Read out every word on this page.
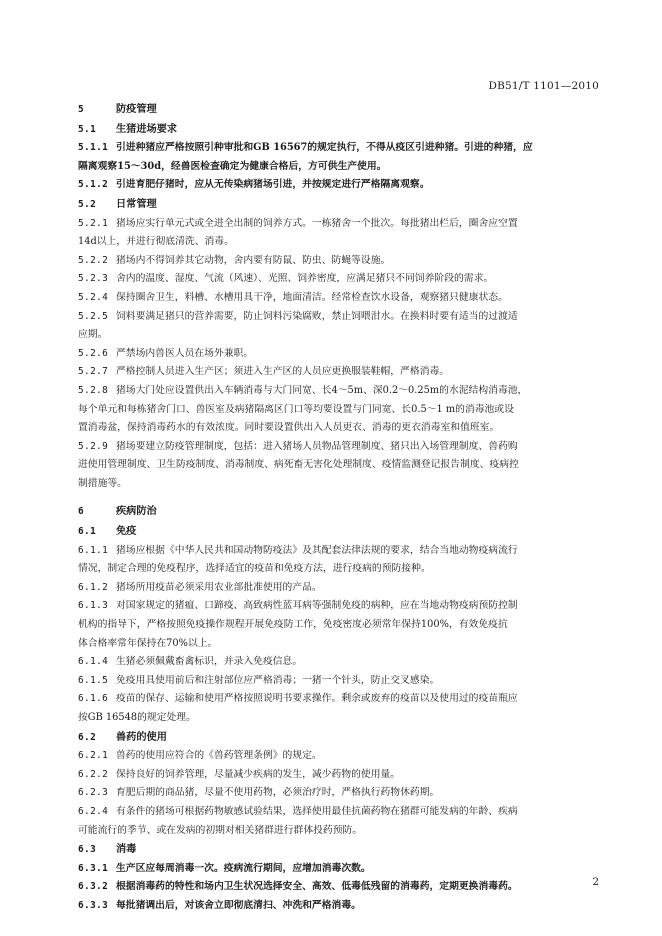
DB51/T 1101—2010
5	防疫管理
5.1 生猪进场要求
5.1.1 引进种猪应严格按照引种审批和GB 16567的规定执行，不得从疫区引进种猪。引进的种猪，应
隔离观察15～30d，经兽医检查确定为健康合格后，方可供生产使用。
5.1.2 引进育肥仔猪时，应从无传染病猪场引进，并按规定进行严格隔离观察。
5.2 日常管理
5.2.1 猪场应实行单元式或全进全出制的饲养方式。一栋猪舍一个批次。每批猪出栏后，圈舍应空置
14d以上，并进行彻底清洗、消毒。
5.2.2 猪场内不得饲养其它动物，舍内要有防鼠、防虫、防蝇等设施。
5.2.3 舍内的温度、湿度、气流（风速）、光照、饲养密度，应满足猪只不同饲养阶段的需求。
5.2.4 保持圈舍卫生，料槽、水槽用具干净，地面清洁。经常检查饮水设备，观察猪只健康状态。
5.2.5 饲料要满足猪只的营养需要，防止饲料污染腐败，禁止饲喂泔水。在换料时要有适当的过渡适
应期。
5.2.6 严禁场内兽医人员在场外兼职。
5.2.7 严格控制人员进入生产区；须进入生产区的人员应更换服装鞋帽，严格消毒。
5.2.8 猪场大门处应设置供出入车辆消毒与大门同宽、长4～5m、深0.2～0.25m的水泥结构消毒池，
每个单元和每栋猪舍门口、兽医室及病猪隔离区门口等均要设置与门同宽、长0.5～1 m的消毒池或设
置消毒盆，保持消毒药水的有效浓度。同时要设置供出入人员更衣、消毒的更衣消毒室和值班室。
5.2.9 猪场要建立防疫管理制度，包括：进入猪场人员物品管理制度、猪只出入场管理制度、兽药购
进使用管理制度、卫生防疫制度、消毒制度、病死畜无害化处理制度、疫情监测登记报告制度、疫病控
制措施等。
6	疾病防治
6.1 免疫
6.1.1 猪场应根据《中华人民共和国动物防疫法》及其配套法律法规的要求，结合当地动物疫病流行
情况，制定合理的免疫程序，选择适宜的疫苗和免疫方法，进行疫病的预防接种。
6.1.2 猪场所用疫苗必须采用农业部批准使用的产品。
6.1.3 对国家规定的猪瘟、口蹄疫、高致病性蓝耳病等强制免疫的病种，应在当地动物疫病预防控制
机构的指导下，严格按照免疫操作规程开展免疫防工作，免疫密度必须常年保持100%，有效免疫抗
体合格率常年保持在70%以上。
6.1.4 生猪必须佩戴畜禽标识，并录入免疫信息。
6.1.5 免疫用具使用前后和注射部位应严格消毒；一猪一个针头，防止交叉感染。
6.1.6 疫苗的保存、运输和使用严格按照说明书要求操作。剩余或废弃的疫苗以及使用过的疫苗瓶应
按GB 16548的规定处理。
6.2 兽药的使用
6.2.1 兽药的使用应符合的《兽药管理条例》的规定。
6.2.2 保持良好的饲养管理，尽量减少疾病的发生，减少药物的使用量。
6.2.3 育肥后期的商品猪，尽量不使用药物，必须治疗时，严格执行药物休药期。
6.2.4 有条件的猪场可根据药物敏感试验结果，选择使用最佳抗菌药物在猪群可能发病的年龄、疾病
可能流行的季节、或在发病的初期对相关猪群进行群体投药预防。
6.3 消毒
6.3.1 生产区应每周消毒一次。疫病流行期间，应增加消毒次数。
6.3.2 根据消毒药的特性和场内卫生状况选择安全、高效、低毒低残留的消毒药，定期更换消毒药。
6.3.3 每批猪调出后，对该舍立即彻底清扫、冲洗和严格消毒。
2
